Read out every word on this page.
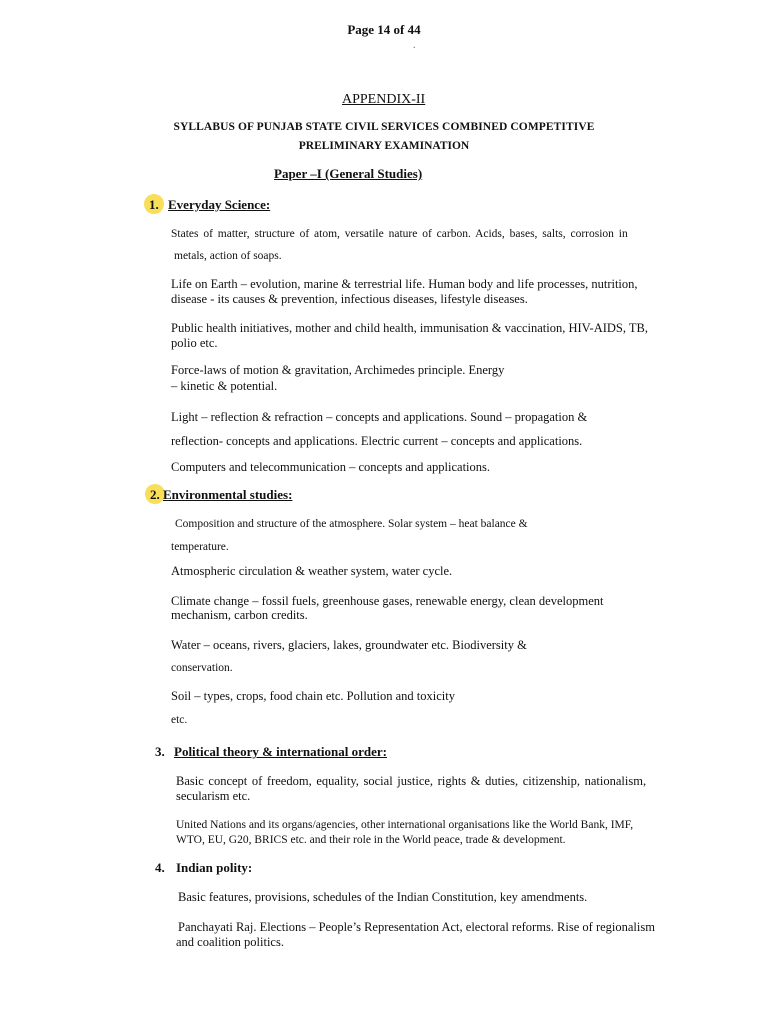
Page 14 of 44
.
APPENDIX-II
SYLLABUS OF PUNJAB STATE CIVIL SERVICES COMBINED COMPETITIVE
PRELIMINARY EXAMINATION
Paper –I (General Studies)
1. Everyday Science:
States of matter, structure of atom, versatile nature of carbon. Acids, bases, salts, corrosion in
metals, action of soaps.
Life on Earth – evolution, marine & terrestrial life. Human body and life processes, nutrition,
disease - its causes & prevention, infectious diseases, lifestyle diseases.
Public health initiatives, mother and child health, immunisation & vaccination, HIV-AIDS, TB,
polio etc.
Force-laws of motion & gravitation, Archimedes principle. Energy
– kinetic & potential.
Light – reflection & refraction – concepts and applications. Sound – propagation &
reflection- concepts and applications. Electric current – concepts and applications.
Computers and telecommunication – concepts and applications.
2. Environmental studies:
Composition and structure of the atmosphere. Solar system – heat balance &
temperature.
Atmospheric circulation & weather system, water cycle.
Climate change – fossil fuels, greenhouse gases, renewable energy, clean development
mechanism, carbon credits.
Water – oceans, rivers, glaciers, lakes, groundwater etc. Biodiversity &
conservation.
Soil – types, crops, food chain etc. Pollution and toxicity
etc.
3. Political theory & international order:
Basic concept of freedom, equality, social justice, rights & duties, citizenship, nationalism,
secularism etc.
United Nations and its organs/agencies, other international organisations like the World Bank, IMF,
WTO, EU, G20, BRICS etc. and their role in the World peace, trade & development.
4. Indian polity:
Basic features, provisions, schedules of the Indian Constitution, key amendments.
Panchayati Raj. Elections – People’s Representation Act, electoral reforms. Rise of regionalism
and coalition politics.
